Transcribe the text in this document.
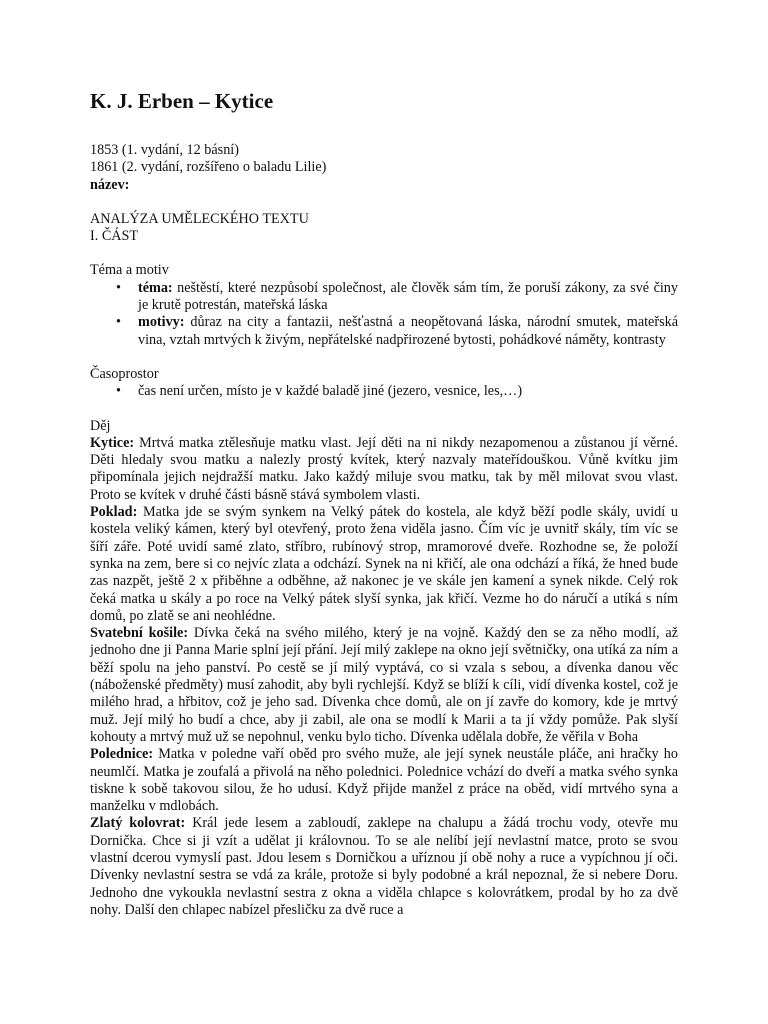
K. J. Erben – Kytice

1853 (1. vydání, 12 básní)

1861 (2. vydání, rozšířeno o baladu Lilie)

název:

ANALÝZA UMĚLECKÉHO TEXTU

I. ČÁST

Téma a motiv

• téma: neštěstí, které nezpůsobí společnost, ale člověk sám tím, že poruší zákony, za své činy je krutě potrestán, mateřská láska
• motivy: důraz na city a fantazii, nešťastná a neopětovaná láska, národní smutek, mateřská vina, vztah mrtvých k živým, nepřátelské nadpřirozené bytosti, pohádkové náměty, kontrasty

Časoprostor

• čas není určen, místo je v každé baladě jiné (jezero, vesnice, les,…)

Děj

Kytice: Mrtvá matka ztělesňuje matku vlast. Její děti na ni nikdy nezapomenou a zůstanou jí věrné. Děti hledaly svou matku a nalezly prostý kvítek, který nazvaly mateřídouškou. Vůně kvítku jim připomínala jejich nejdražší matku. Jako každý miluje svou matku, tak by měl milovat svou vlast. Proto se kvítek v druhé části básně stává symbolem vlasti.

Poklad: Matka jde se svým synkem na Velký pátek do kostela, ale když běží podle skály, uvidí u kostela veliký kámen, který byl otevřený, proto žena viděla jasno. Čím víc je uvnitř skály, tím víc se šíří záře. Poté uvidí samé zlato, stříbro, rubínový strop, mramorové dveře. Rozhodne se, že položí synka na zem, bere si co nejvíc zlata a odchází. Synek na ni křičí, ale ona odchází a říká, že hned bude zas nazpět, ještě 2 x přiběhne a odběhne, až nakonec je ve skále jen kamení a synek nikde. Celý rok čeká matka u skály a po roce na Velký pátek slyší synka, jak křičí. Vezme ho do náručí a utíká s ním domů, po zlatě se ani neohlédne.

Svatební košile: Dívka čeká na svého milého, který je na vojně. Každý den se za něho modlí, až jednoho dne ji Panna Marie splní její přání. Její milý zaklepe na okno její světničky, ona utíká za ním a běží spolu na jeho panství. Po cestě se jí milý vyptává, co si vzala s sebou, a dívenka danou věc (náboženské předměty) musí zahodit, aby byli rychlejší. Když se blíží k cíli, vidí dívenka kostel, což je milého hrad, a hřbitov, což je jeho sad. Dívenka chce domů, ale on jí zavře do komory, kde je mrtvý muž. Její milý ho budí a chce, aby ji zabil, ale ona se modlí k Marii a ta jí vždy pomůže. Pak slyší kohouty a mrtvý muž už se nepohnul, venku bylo ticho. Dívenka udělala dobře, že věřila v Boha

Polednice: Matka v poledne vaří oběd pro svého muže, ale její synek neustále pláče, ani hračky ho neumlčí. Matka je zoufalá a přivolá na něho polednici. Polednice vchází do dveří a matka svého synka tiskne k sobě takovou silou, že ho udusí. Když přijde manžel z práce na oběd, vidí mrtvého syna a manželku v mdlobách.

Zlatý kolovrat: Král jede lesem a zabloudí, zaklepe na chalupu a žádá trochu vody, otevře mu Dornička. Chce si ji vzít a udělat ji královnou. To se ale nelíbí její nevlastní matce, proto se svou vlastní dcerou vymyslí past. Jdou lesem s Dorničkou a uříznou jí obě nohy a ruce a vypíchnou jí oči. Dívenky nevlastní sestra se vdá za krále, protože si byly podobné a král nepoznal, že si nebere Doru. Jednoho dne vykoukla nevlastní sestra z okna a viděla chlapce s kolovrátkem, prodal by ho za dvě nohy. Další den chlapec nabízel přesličku za dvě ruce a
